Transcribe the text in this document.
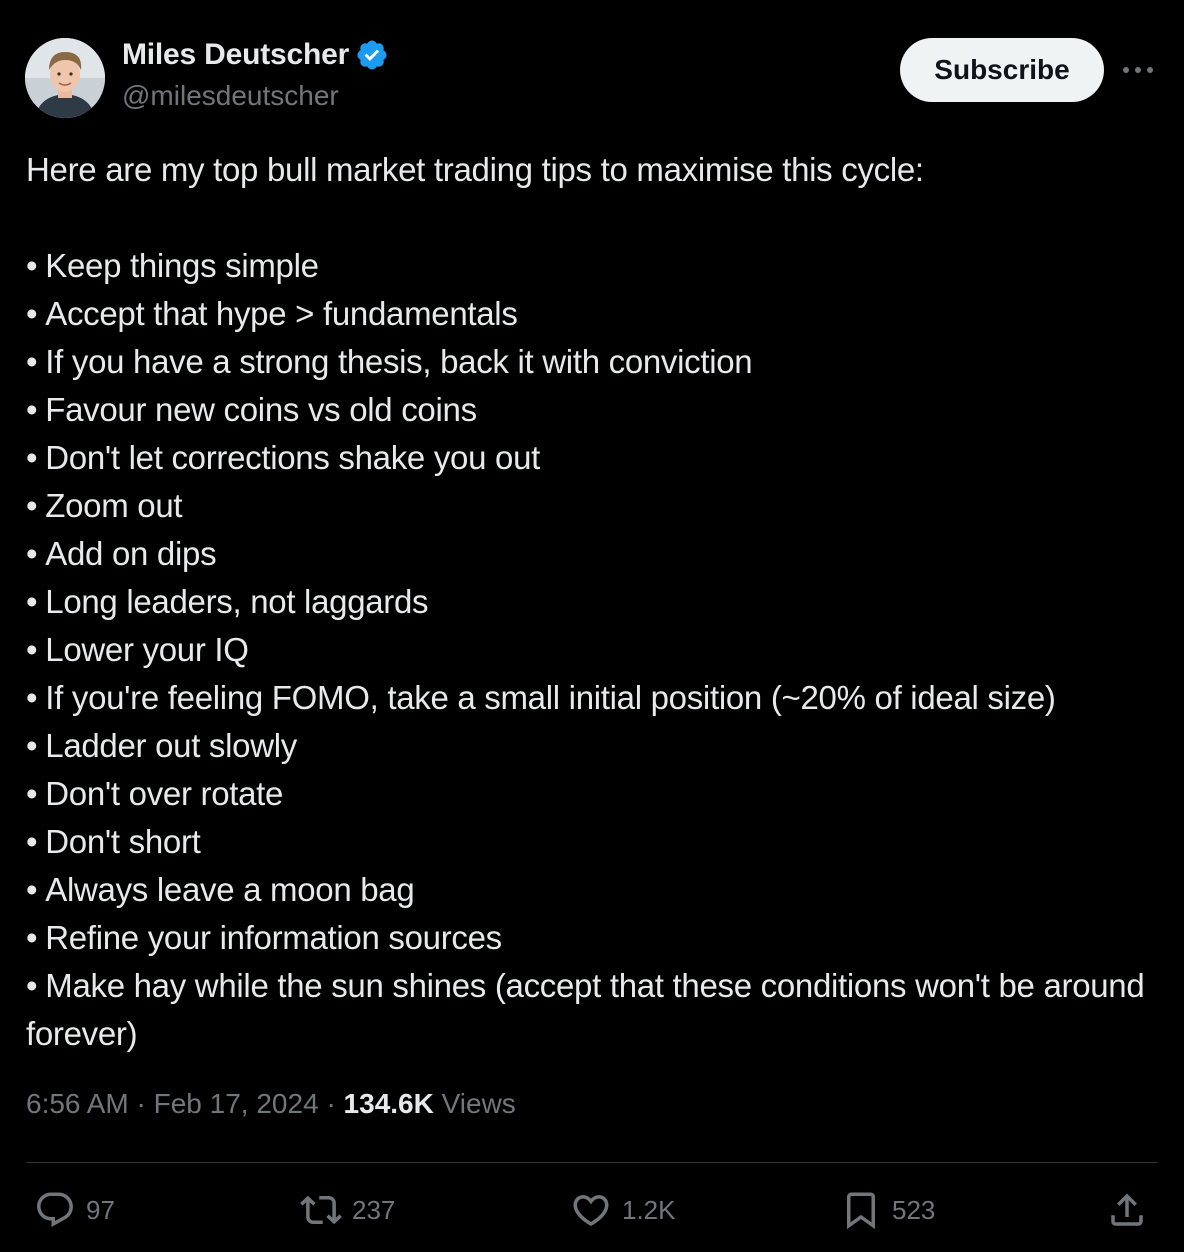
Miles Deutscher
@milesdeutscher
Subscribe

Here are my top bull market trading tips to maximise this cycle:

• Keep things simple
• Accept that hype > fundamentals
• If you have a strong thesis, back it with conviction
• Favour new coins vs old coins
• Don't let corrections shake you out
• Zoom out
• Add on dips
• Long leaders, not laggards
• Lower your IQ
• If you're feeling FOMO, take a small initial position (~20% of ideal size)
• Ladder out slowly
• Don't over rotate
• Don't short
• Always leave a moon bag
• Refine your information sources
• Make hay while the sun shines (accept that these conditions won't be around forever)
6:56 AM · Feb 17, 2024 · 134.6K Views
97	237	1.2K	523
